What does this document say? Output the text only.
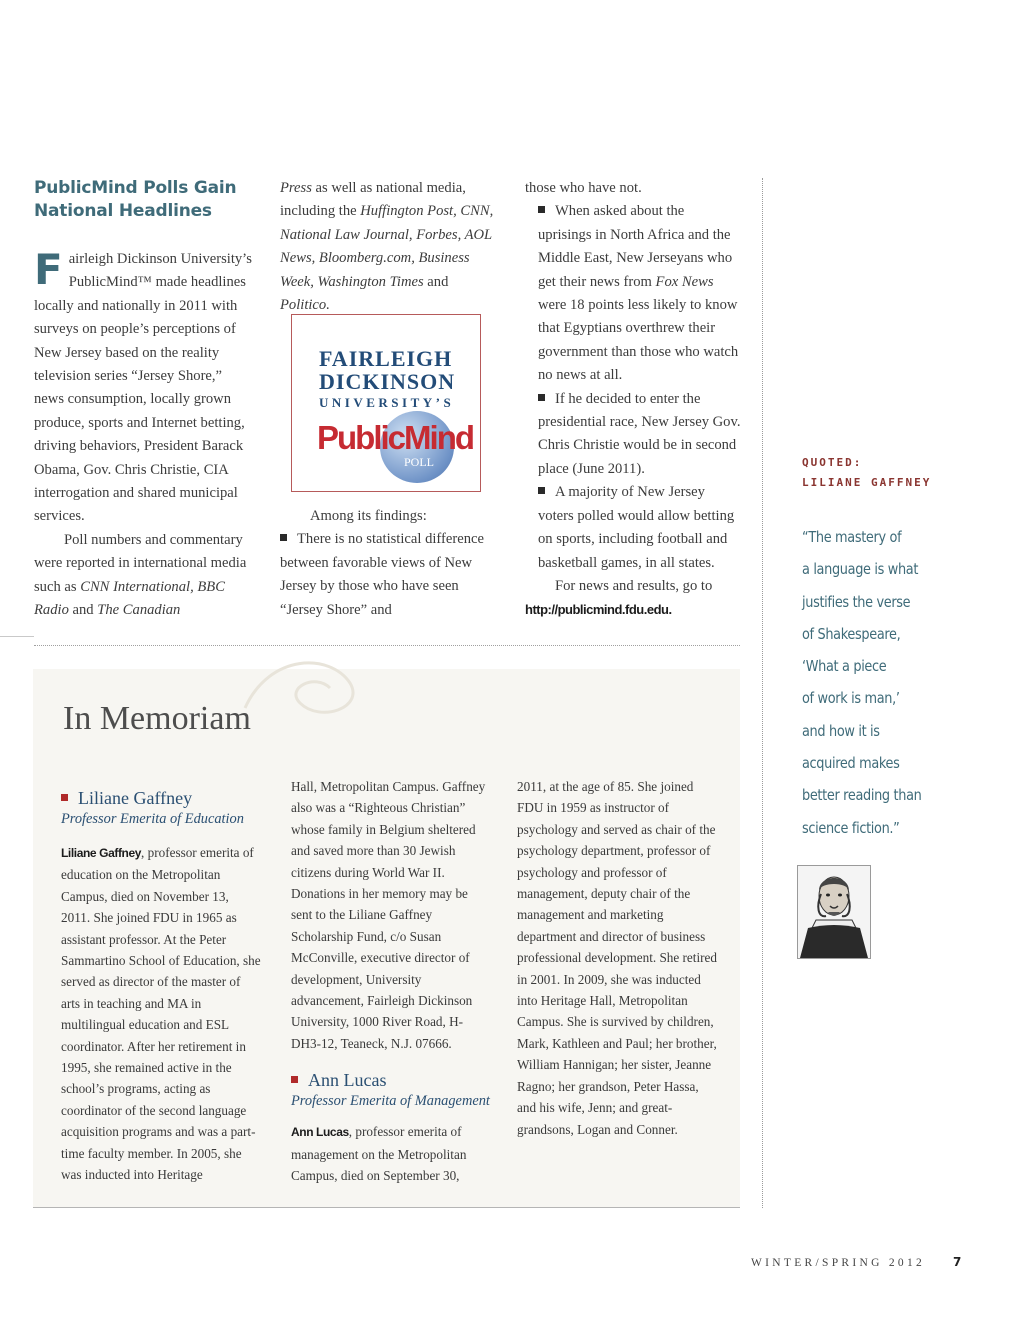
PublicMind Polls Gain National Headlines

Fairleigh Dickinson University’s PublicMind™ made headlines locally and nationally in 2011 with surveys on people’s perceptions of New Jersey based on the reality television series “Jersey Shore,” news consumption, locally grown produce, sports and Internet betting, driving behaviors, President Barack Obama, Gov. Chris Christie, CIA interrogation and shared municipal services.

Poll numbers and commentary were reported in international media such as CNN International, BBC Radio and The Canadian

Press as well as national media, including the Huffington Post, CNN, National Law Journal, Forbes, AOL News, Bloomberg.com, Business Week, Washington Times and Politico.

FAIRLEIGH
DICKINSON
UNIVERSITY’S
PublicMind
POLL

Among its findings:

There is no statistical difference between favorable views of New Jersey by those who have seen “Jersey Shore” and

those who have not.

When asked about the uprisings in North Africa and the Middle East, New Jerseyans who get their news from Fox News were 18 points less likely to know that Egyptians overthrew their government than those who watch no news at all.

If he decided to enter the presidential race, New Jersey Gov. Chris Christie would be in second place (June 2011).

A majority of New Jersey voters polled would allow betting on sports, including football and basketball games, in all states.

For news and results, go to

http://publicmind.fdu.edu.

In Memoriam
Liliane Gaffney
Professor Emerita of Education

Liliane Gaffney, professor emerita of education on the Metropolitan Campus, died on November 13, 2011. She joined FDU in 1965 as assistant professor. At the Peter Sammartino School of Education, she served as director of the master of arts in teaching and MA in multilingual education and ESL coordinator. After her retirement in 1995, she remained active in the school’s programs, acting as coordinator of the second language acquisition programs and was a part-time faculty member. In 2005, she was inducted into Heritage

Hall, Metropolitan Campus. Gaffney also was a “Righteous Christian” whose family in Belgium sheltered and saved more than 30 Jewish citizens during World War II. Donations in her memory may be sent to the Liliane Gaffney Scholarship Fund, c/o Susan McConville, executive director of development, University advancement, Fairleigh Dickinson University, 1000 River Road, H-DH3-12, Teaneck, N.J. 07666.

Ann Lucas
Professor Emerita of Management

Ann Lucas, professor emerita of management on the Metropolitan Campus, died on September 30,

2011, at the age of 85. She joined FDU in 1959 as instructor of psychology and served as chair of the psychology department, professor of psychology and professor of management, deputy chair of the management and marketing department and director of business professional development. She retired in 2001. In 2009, she was inducted into Heritage Hall, Metropolitan Campus. She is survived by children, Mark, Kathleen and Paul; her brother, William Hannigan; her sister, Jeanne Ragno; her grandson, Peter Hassa, and his wife, Jenn; and great-grandsons, Logan and Conner.

QUOTED:
LILIANE GAFFNEY
“The mastery of
a language is what
justifies the verse
of Shakespeare,
‘What a piece
of work is man,’
and how it is
acquired makes
better reading than
science fiction.”
WINTER/SPRING 2012 7
